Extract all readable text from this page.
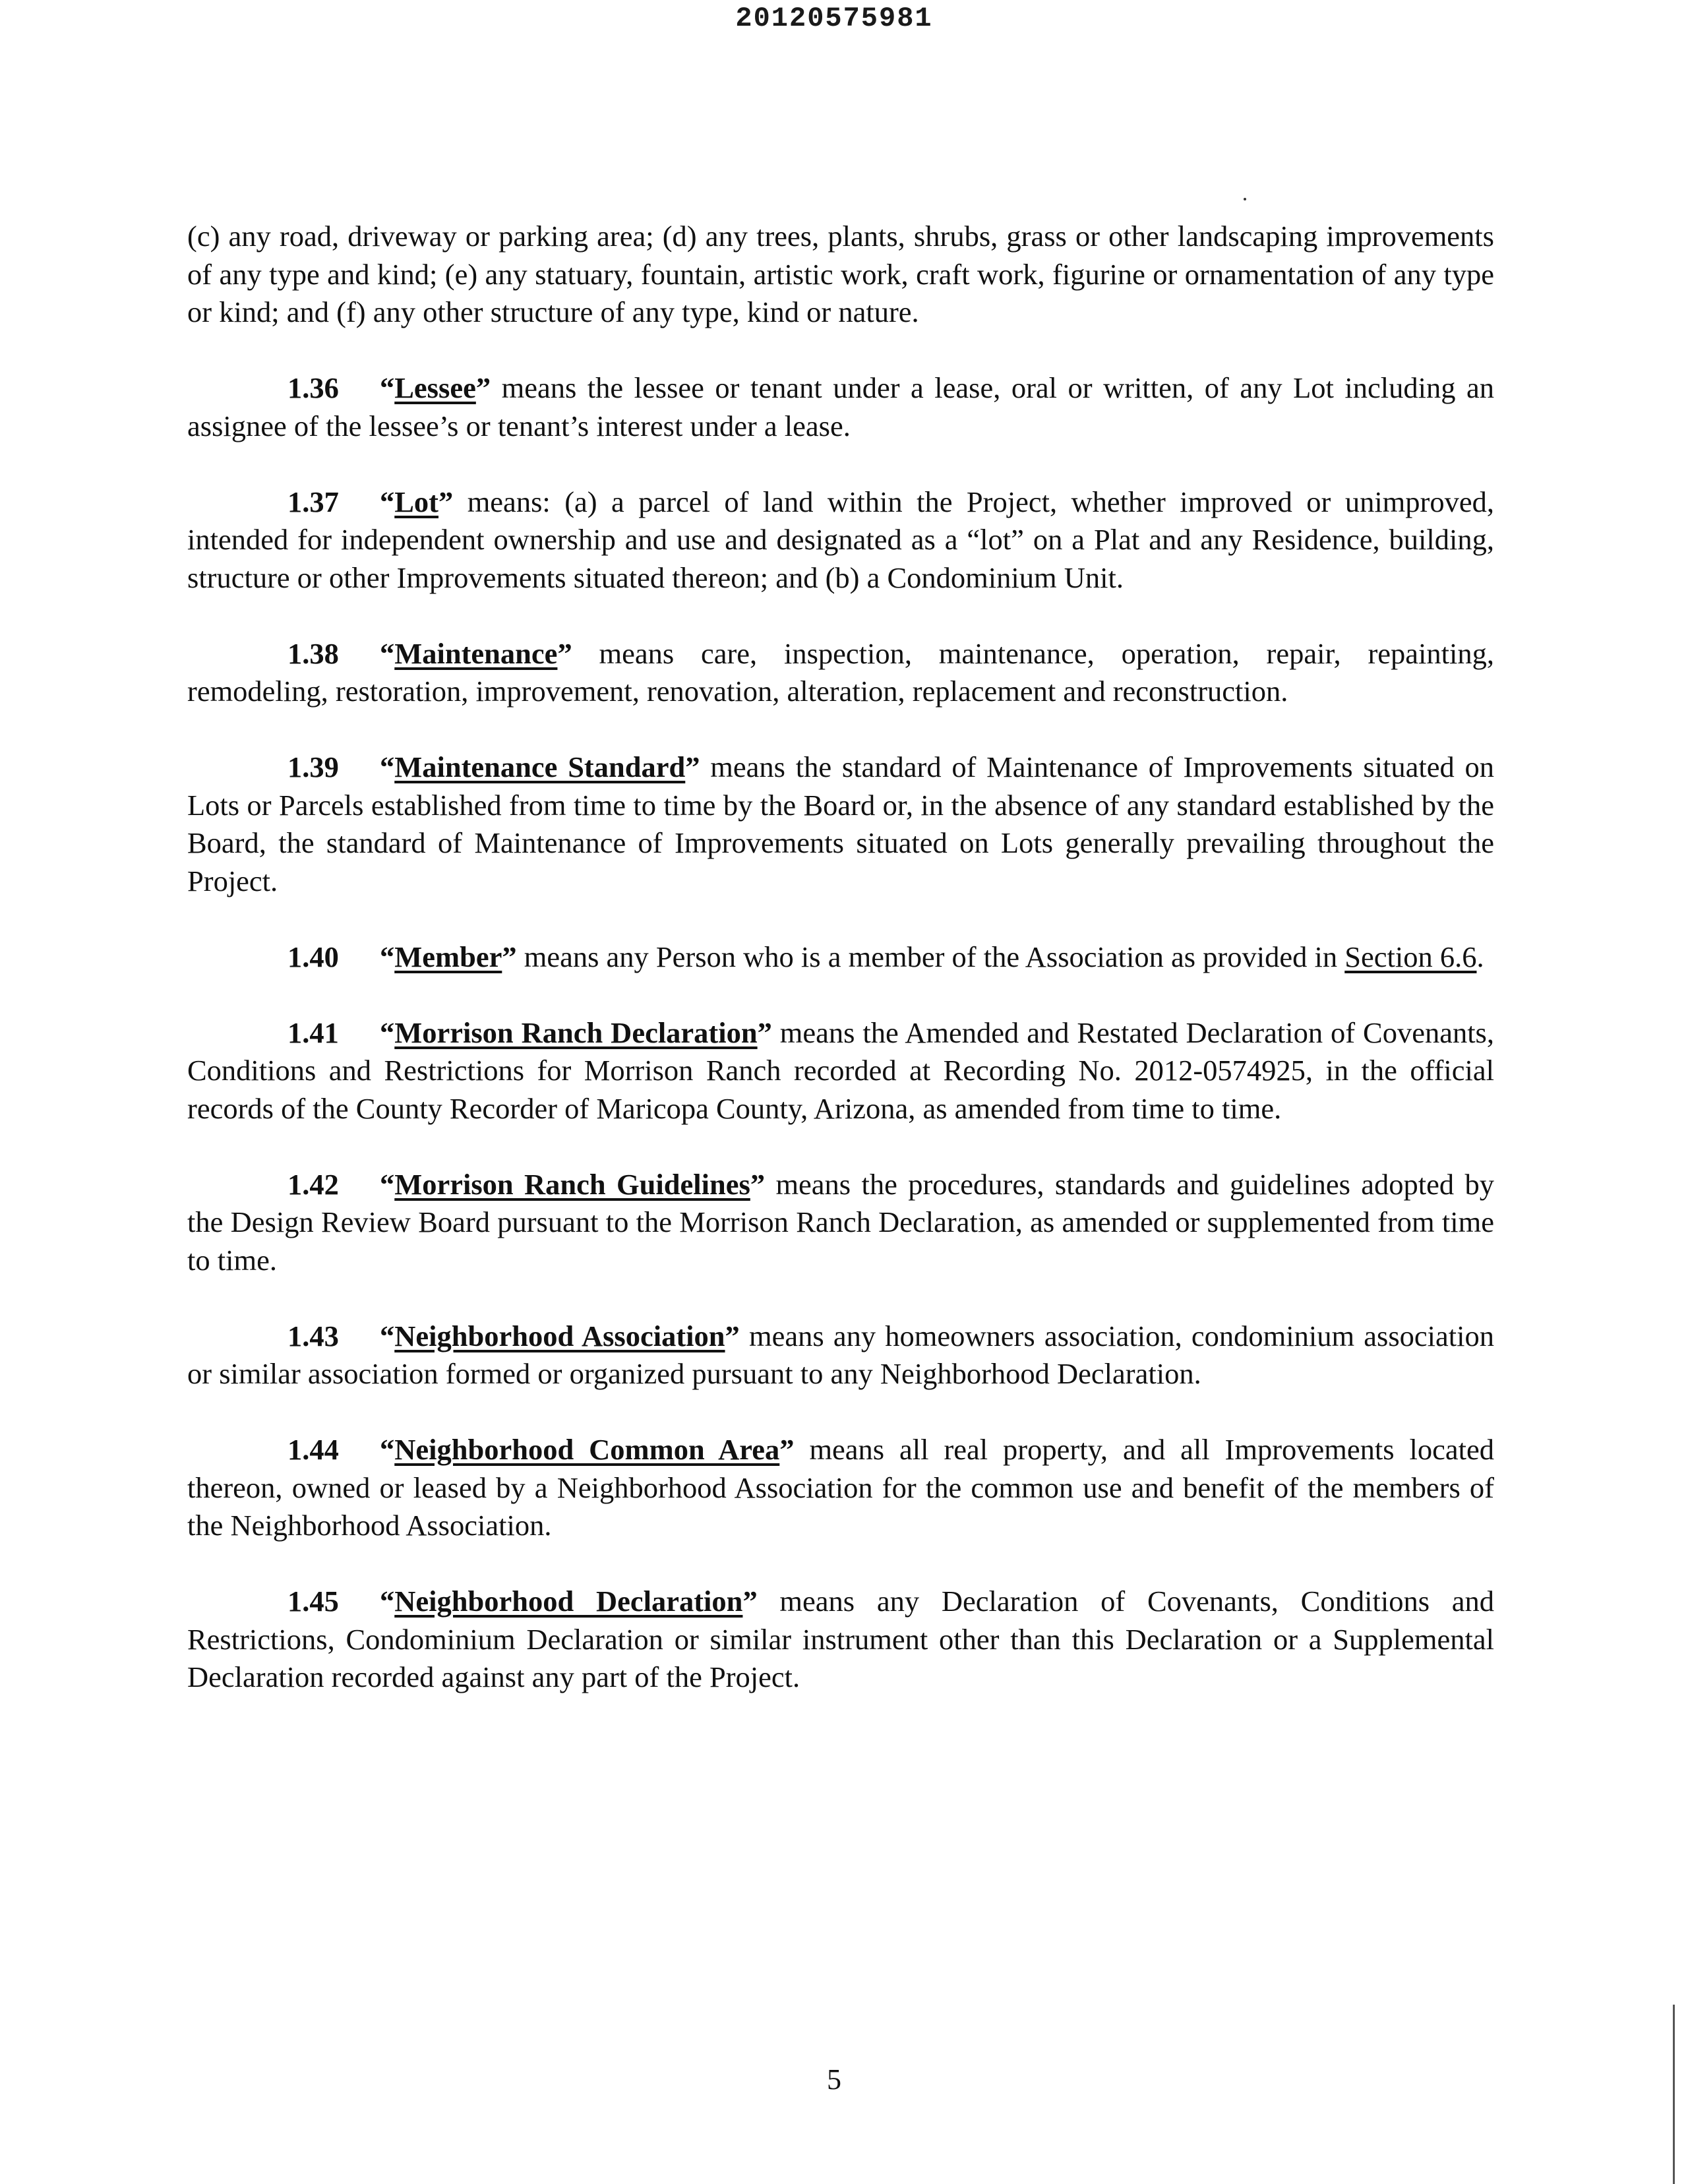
20120575981

(c) any road, driveway or parking area; (d) any trees, plants, shrubs, grass or other landscaping improvements of any type and kind; (e) any statuary, fountain, artistic work, craft work, figurine or ornamentation of any type or kind; and (f) any other structure of any type, kind or nature.

1.36 “Lessee” means the lessee or tenant under a lease, oral or written, of any Lot including an assignee of the lessee’s or tenant’s interest under a lease.

1.37 “Lot” means: (a) a parcel of land within the Project, whether improved or unimproved, intended for independent ownership and use and designated as a “lot” on a Plat and any Residence, building, structure or other Improvements situated thereon; and (b) a Condominium Unit.

1.38 “Maintenance” means care, inspection, maintenance, operation, repair, repainting, remodeling, restoration, improvement, renovation, alteration, replacement and reconstruction.

1.39 “Maintenance Standard” means the standard of Maintenance of Improvements situated on Lots or Parcels established from time to time by the Board or, in the absence of any standard established by the Board, the standard of Maintenance of Improvements situated on Lots generally prevailing throughout the Project.

1.40 “Member” means any Person who is a member of the Association as provided in Section 6.6.

1.41 “Morrison Ranch Declaration” means the Amended and Restated Declaration of Covenants, Conditions and Restrictions for Morrison Ranch recorded at Recording No. 2012-0574925, in the official records of the County Recorder of Maricopa County, Arizona, as amended from time to time.

1.42 “Morrison Ranch Guidelines” means the procedures, standards and guidelines adopted by the Design Review Board pursuant to the Morrison Ranch Declaration, as amended or supplemented from time to time.

1.43 “Neighborhood Association” means any homeowners association, condominium association or similar association formed or organized pursuant to any Neighborhood Declaration.

1.44 “Neighborhood Common Area” means all real property, and all Improvements located thereon, owned or leased by a Neighborhood Association for the common use and benefit of the members of the Neighborhood Association.

1.45 “Neighborhood Declaration” means any Declaration of Covenants, Conditions and Restrictions, Condominium Declaration or similar instrument other than this Declaration or a Supplemental Declaration recorded against any part of the Project.

5
